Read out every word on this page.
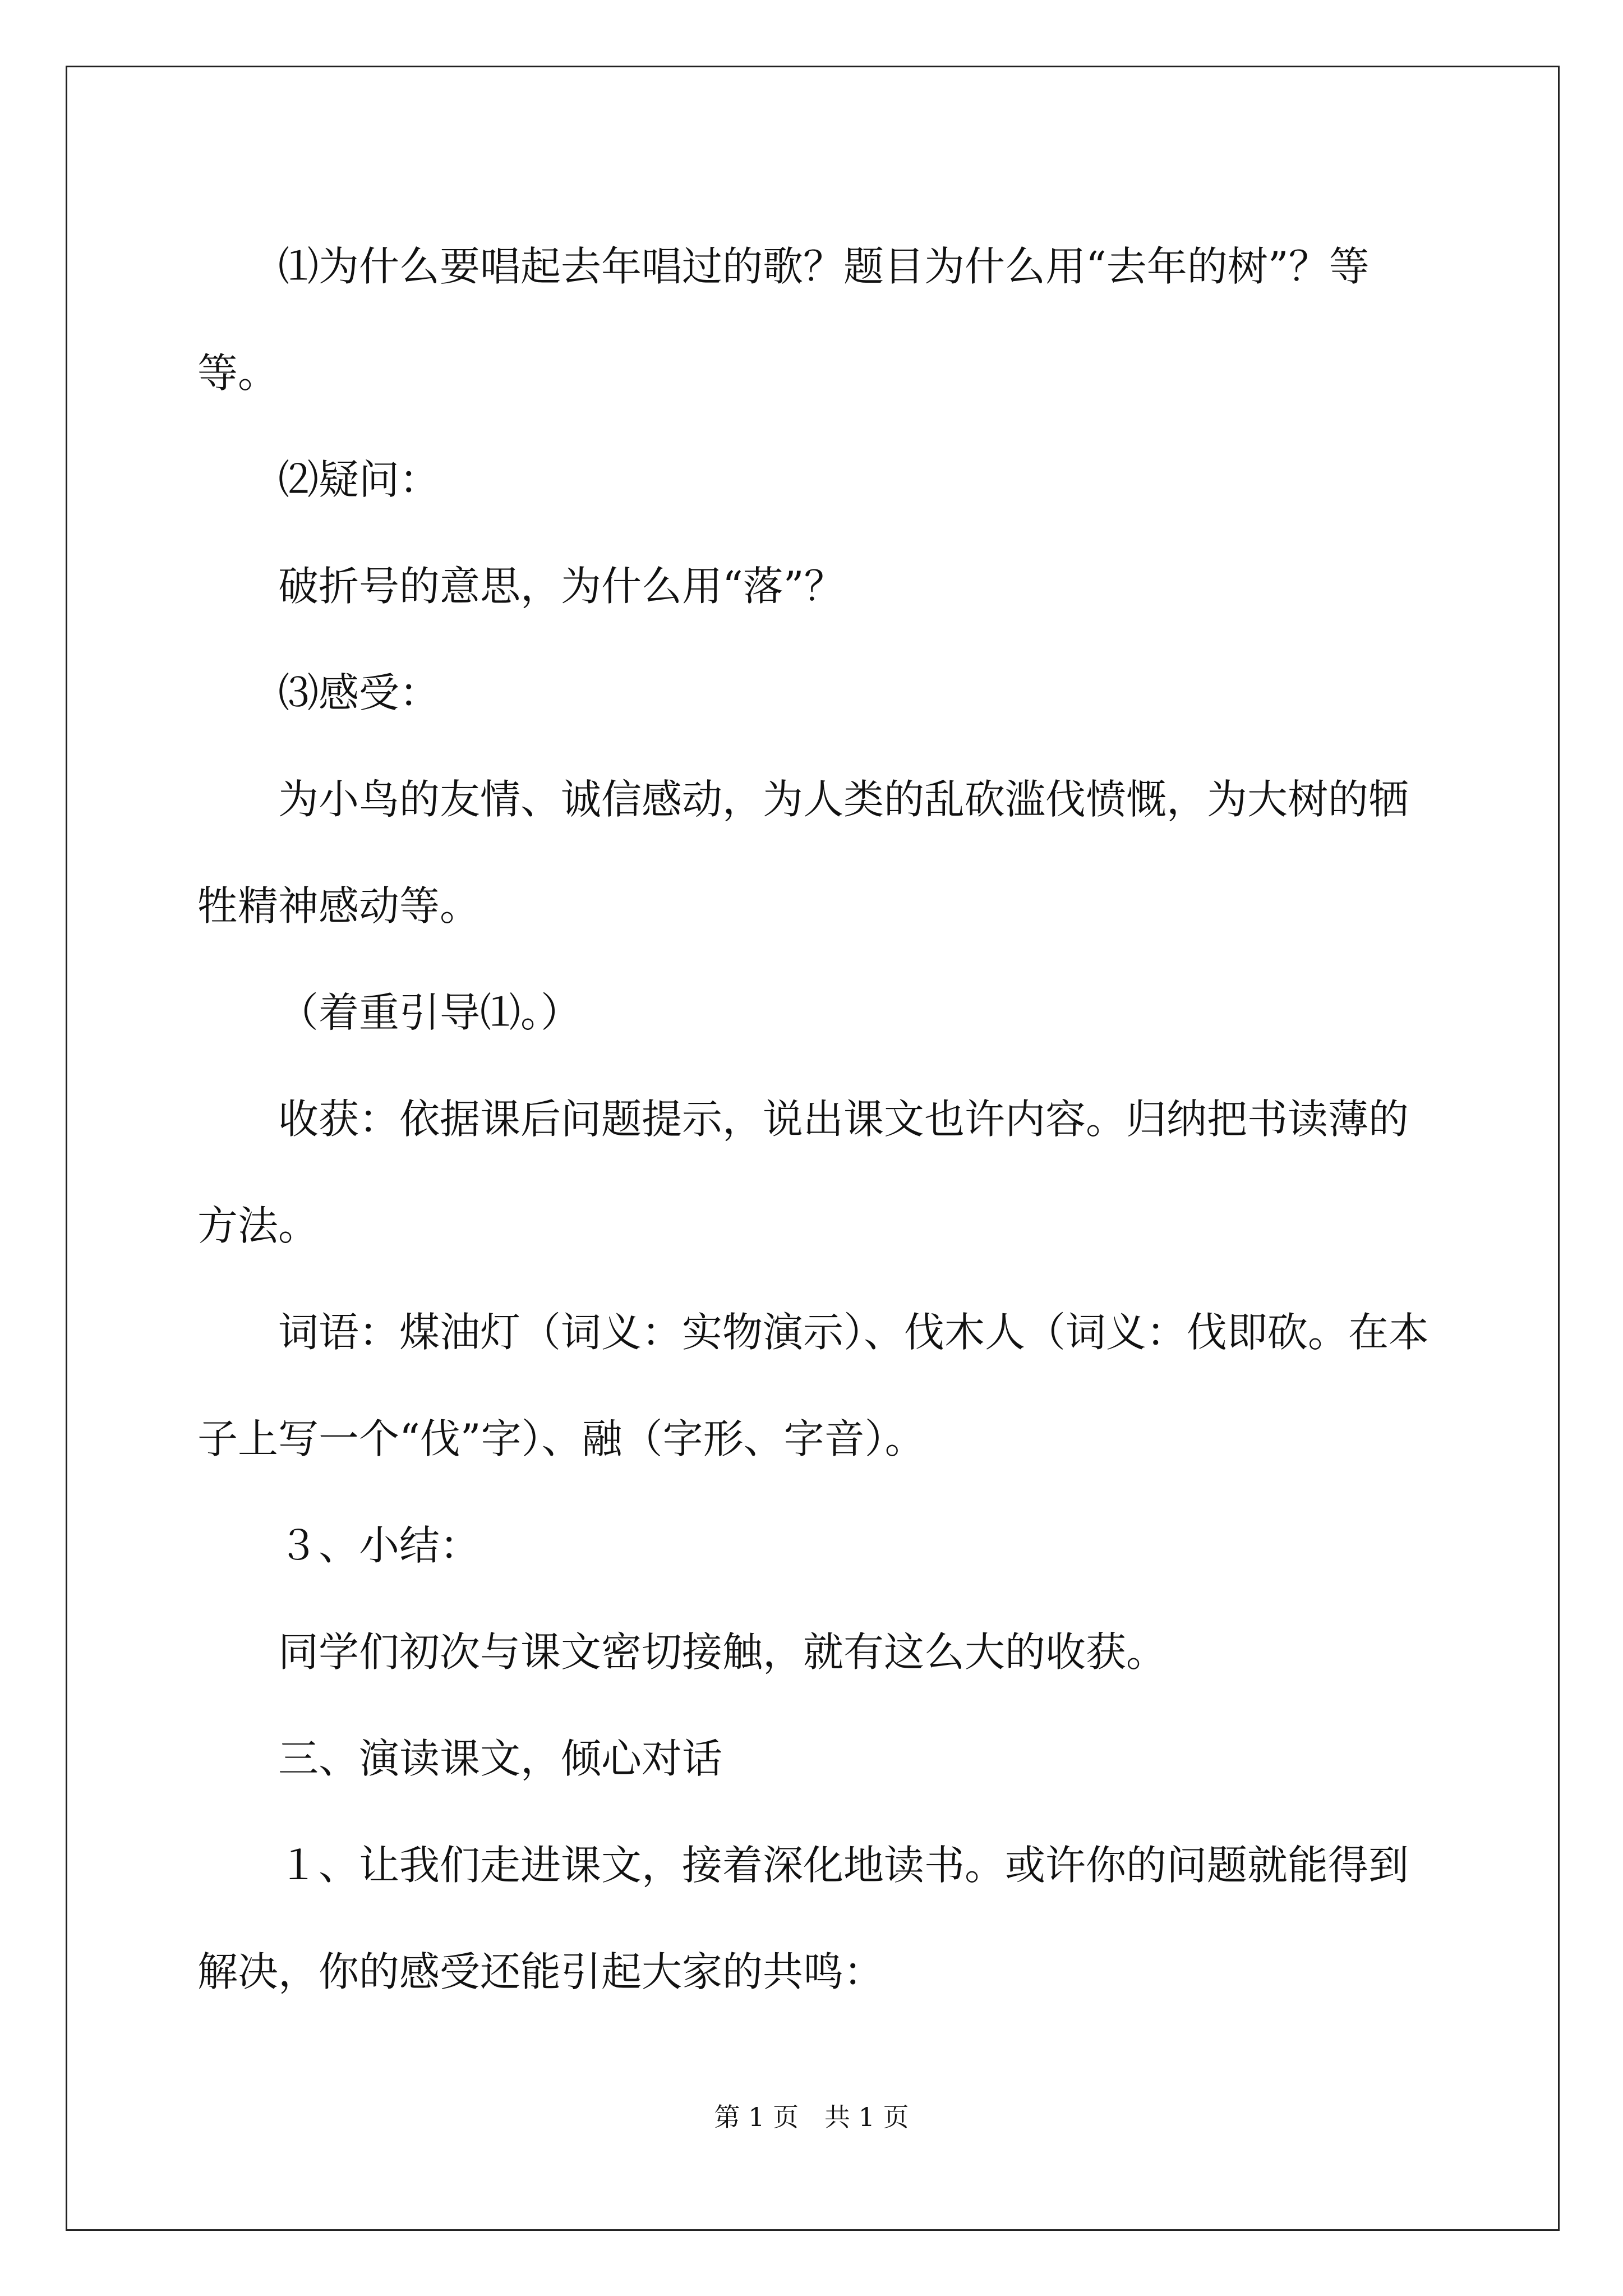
⑴为什么要唱起去年唱过的歌？题目为什么用“去年的树”？等等。

⑵疑问：

破折号的意思，为什么用“落”？

⑶感受：

为小鸟的友情、诚信感动，为人类的乱砍滥伐愤慨，为大树的牺牲精神感动等。

（着重引导⑴。）

收获：依据课后问题提示，说出课文也许内容。归纳把书读薄的方法。

词语：煤油灯（词义：实物演示）、伐木人（词义：伐即砍。在本子上写一个“伐”字）、融（字形、字音）。

３、小结：

同学们初次与课文密切接触，就有这么大的收获。

三、演读课文，倾心对话

１、让我们走进课文，接着深化地读书。或许你的问题就能得到解决，你的感受还能引起大家的共鸣：

第 1 页　共 1 页
